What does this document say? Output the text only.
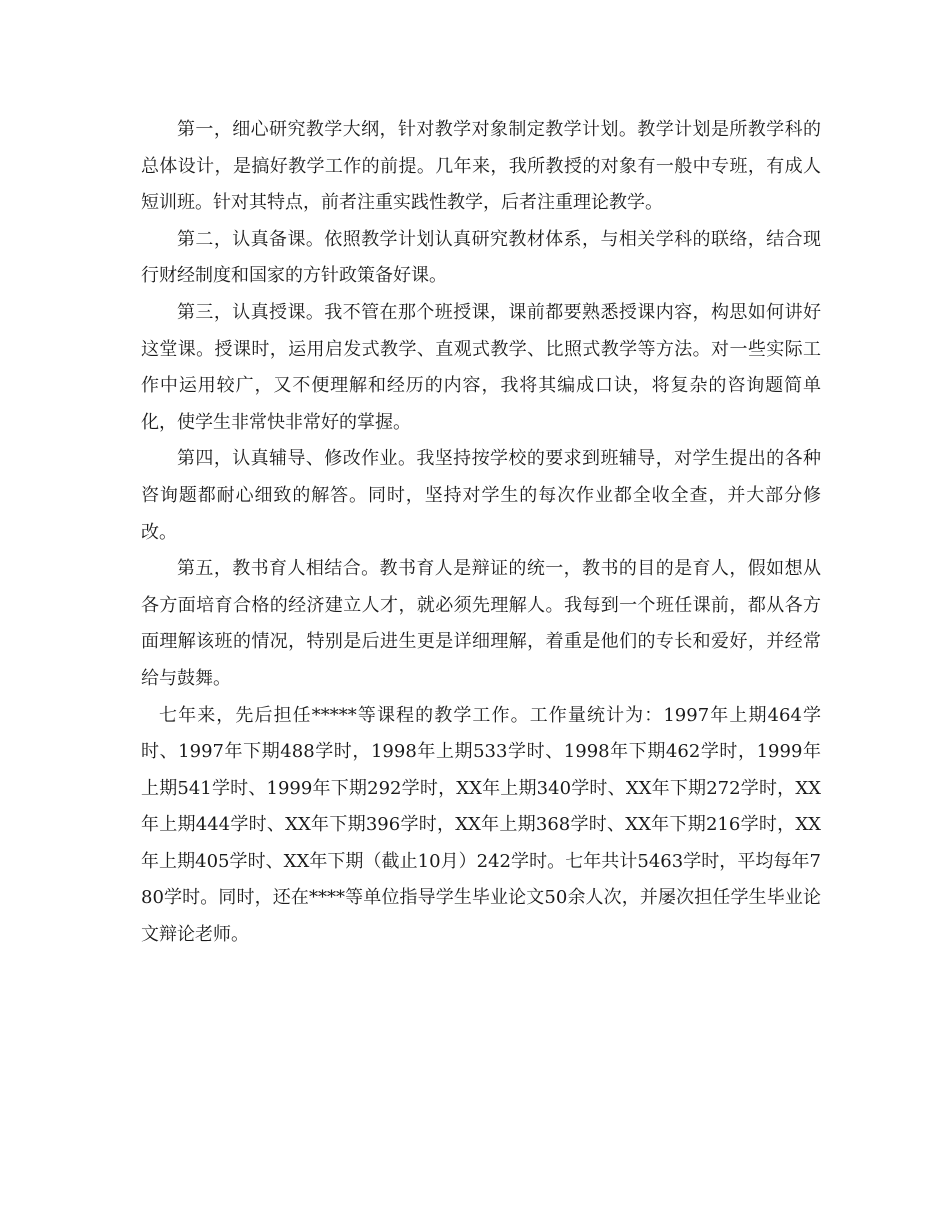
第一，细心研究教学大纲，针对教学对象制定教学计划。教学计划是所教学科的总体设计，是搞好教学工作的前提。几年来，我所教授的对象有一般中专班，有成人短训班。针对其特点，前者注重实践性教学，后者注重理论教学。

第二，认真备课。依照教学计划认真研究教材体系，与相关学科的联络，结合现行财经制度和国家的方针政策备好课。

第三，认真授课。我不管在那个班授课，课前都要熟悉授课内容，构思如何讲好这堂课。授课时，运用启发式教学、直观式教学、比照式教学等方法。对一些实际工作中运用较广，又不便理解和经历的内容，我将其编成口诀，将复杂的咨询题简单化，使学生非常快非常好的掌握。

第四，认真辅导、修改作业。我坚持按学校的要求到班辅导，对学生提出的各种咨询题都耐心细致的解答。同时，坚持对学生的每次作业都全收全查，并大部分修改。

第五，教书育人相结合。教书育人是辩证的统一，教书的目的是育人，假如想从各方面培育合格的经济建立人才，就必须先理解人。我每到一个班任课前，都从各方面理解该班的情况，特别是后进生更是详细理解，着重是他们的专长和爱好，并经常给与鼓舞。

七年来，先后担任*****等课程的教学工作。工作量统计为：1997年上期464学时、1997年下期488学时，1998年上期533学时、1998年下期462学时，1999年上期541学时、1999年下期292学时，XX年上期340学时、XX年下期272学时，XX年上期444学时、XX年下期396学时，XX年上期368学时、XX年下期216学时，XX年上期405学时、XX年下期（截止10月）242学时。七年共计5463学时，平均每年780学时。同时，还在****等单位指导学生毕业论文50余人次，并屡次担任学生毕业论文辩论老师。
